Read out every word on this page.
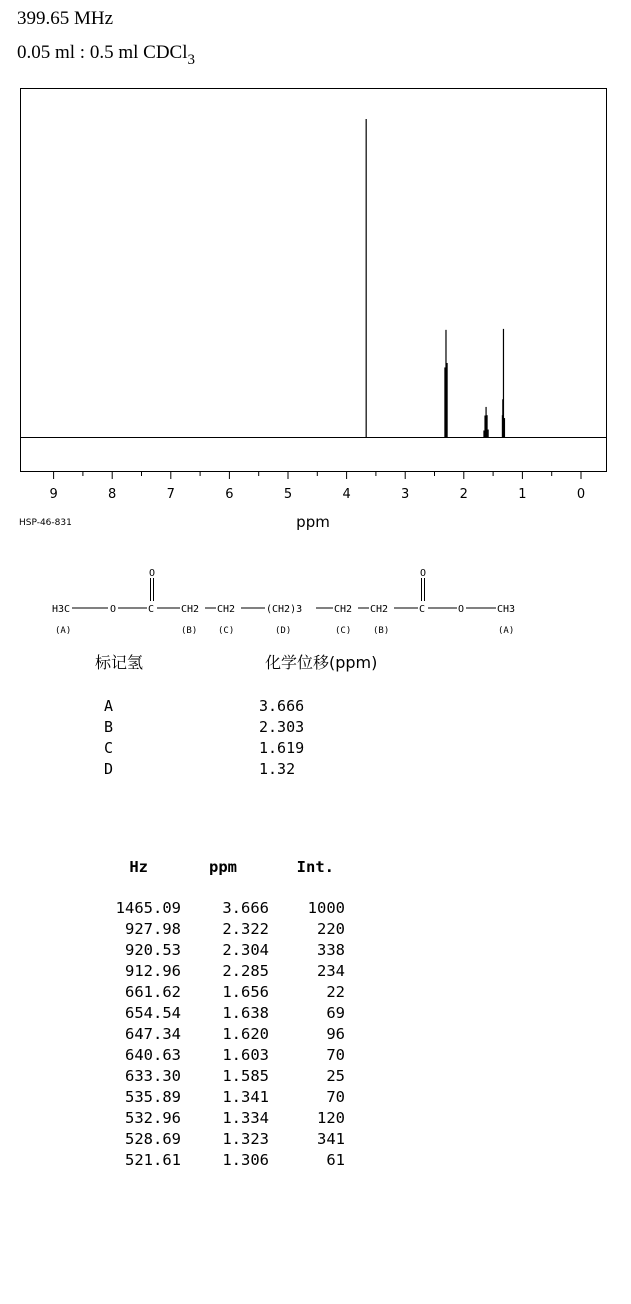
399.65 MHz
0.05 ml : 0.5 ml CDCl$_3$
9	8	7	6	5	4	3	2	1	0
ppm
HSP-46-831
H3C	O	C
O
CH2 CH2	(CH2)3	CH2 CH2	C
O
O	CH3
(A)	(B) (C)	(D)	(C) (B)	(A)
标记氢	化学位移(ppm)
A	3.666
B	2.303
C	1.619
D	1.32
Hz	ppm	Int.
1465.09	3.666 1000
927.98	2.322	220
920.53	2.304	338
912.96	2.285	234
661.62	1.656	22
654.54	1.638	69
647.34	1.620	96
640.63	1.603	70
633.30	1.585	25
535.89	1.341	70
532.96	1.334	120
528.69	1.323	341
521.61	1.306	61
